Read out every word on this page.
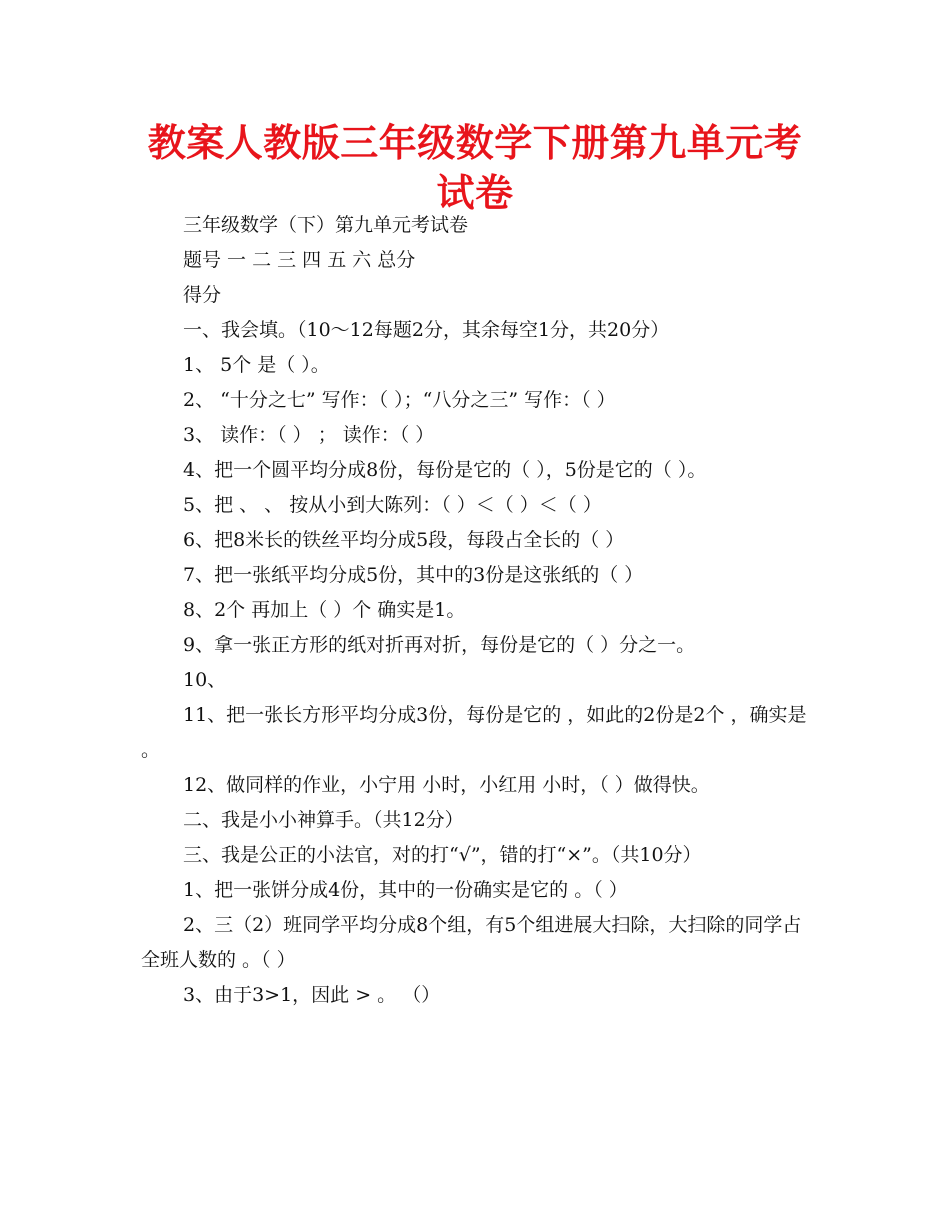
教案人教版三年级数学下册第九单元考试卷
三年级数学（下）第九单元考试卷
题号 一 二 三 四 五 六 总分
得分
一、我会填。（10～12每题2分，其余每空1分，共20分）
1、 5个 是（ ）。
2、 “十分之七” 写作：（ ）；“八分之三” 写作：（ ）
3、 读作：（ ） ； 读作：（ ）
4、把一个圆平均分成8份，每份是它的（ ），5份是它的（ ）。
5、把 、 、 按从小到大陈列：（ ）＜（ ）＜（ ）
6、把8米长的铁丝平均分成5段，每段占全长的（ ）
7、把一张纸平均分成5份，其中的3份是这张纸的（ ）
8、2个 再加上（ ）个 确实是1。
9、拿一张正方形的纸对折再对折，每份是它的（ ）分之一。
10、
11、把一张长方形平均分成3份，每份是它的 ，如此的2份是2个 ，确实是 。
12、做同样的作业，小宁用 小时，小红用 小时，（ ）做得快。
二、我是小小神算手。（共12分）
三、我是公正的小法官，对的打“√”，错的打“×”。（共10分）
1、把一张饼分成4份，其中的一份确实是它的 。（ ）
2、三（2）班同学平均分成8个组，有5个组进展大扫除，大扫除的同学占全班人数的 。（ ）
3、由于3>1，因此 > 。 （）
